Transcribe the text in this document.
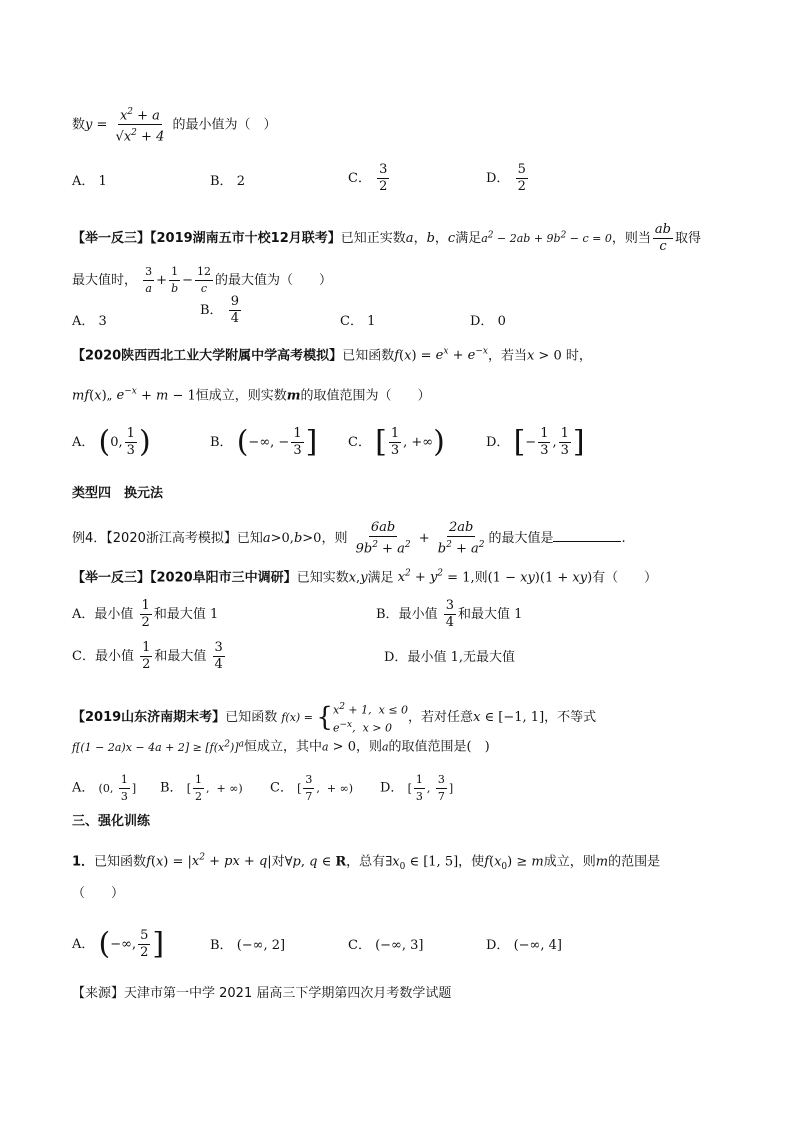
数$y = \frac{x^2 + a}{√x^2 + 4}$ 的最小值为（　）
A． 1	B． 2	C． $\frac{3}{2}$	D． $\frac{5}{2}$
【举一反三】【2019湖南五市十校12月联考】已知正实数a，b，c满足$a^2 - 2ab + 9b^2 - c = 0$，则当 $\frac{ab}{c}$ 取得
最大值时， $\frac{3}{a} + \frac{1}{b} - \frac{12}{c}$ 的最大值为（　　）
A． 3
B． $\frac{9}{4}$	C． 1	D． 0
【2020陕西西北工业大学附属中学高考模拟】已知函数$f(x) = e^x + e^{-x}$，若当x > 0 时，
mf(x)„ $e^{-x} + m - 1$恒成立，则实数m的取值范围为（　　）
A． (0, $\frac{1}{3}$ )	B． (−∞, − $\frac{1}{3}$ ] C． [ $\frac{1}{3}$ , +∞)	D． [− $\frac{1}{3}$ , $\frac{1}{3}$ ]
类型四　换元法
例4．【2020浙江高考模拟】已知a>0,b>0，则 $\frac{6ab}{9b^2 + a^2} + \frac{2ab}{b^2 + a^2}$ 的最大值是	.
【举一反三】【2020阜阳市三中调研】已知实数x,y满足 $x^2 + y^2 = 1$,则(1 − xy)(1 + xy)有（　　）
A．最小值 $\frac{1}{2}$ 和最大值 1	B．最小值 $\frac{3}{4}$ 和最大值 1
C．最小值 $\frac{1}{2}$ 和最大值 $\frac{3}{4}$	D．最小值 1,无最大值
【2019山东济南期末考】已知函数 f(x) = { $x^2 + 1$,  x ≤ 0
$e^{-x}$,  x > 0
，若对任意x ∈ [−1, 1]，不等式
$f[(1 - 2a)x - 4a + 2] \ge [f(x^2)]^a$恒成立，其中a > 0，则a的取值范围是(　)
A． (0, $\frac{1}{3}$ ] B． [ $\frac{1}{2}$ ,  + ∞) C． [ $\frac{3}{7}$ ,  + ∞) D． [ $\frac{1}{3}$ , $\frac{3}{7}$ ]
三、强化训练
1．已知函数$f(x) = |x^2$ + px + q|对∀p, q ∈ R，总有$\exists x_0$ ∈ [1, 5]，使$f(x_0) \ge m$成立，则m的范围是
（　　）
A． (−∞, $\frac{5}{2}$ ]	B． (−∞, 2]	C． (−∞, 3]	D． (−∞, 4]
【来源】天津市第一中学 2021 届高三下学期第四次月考数学试题
